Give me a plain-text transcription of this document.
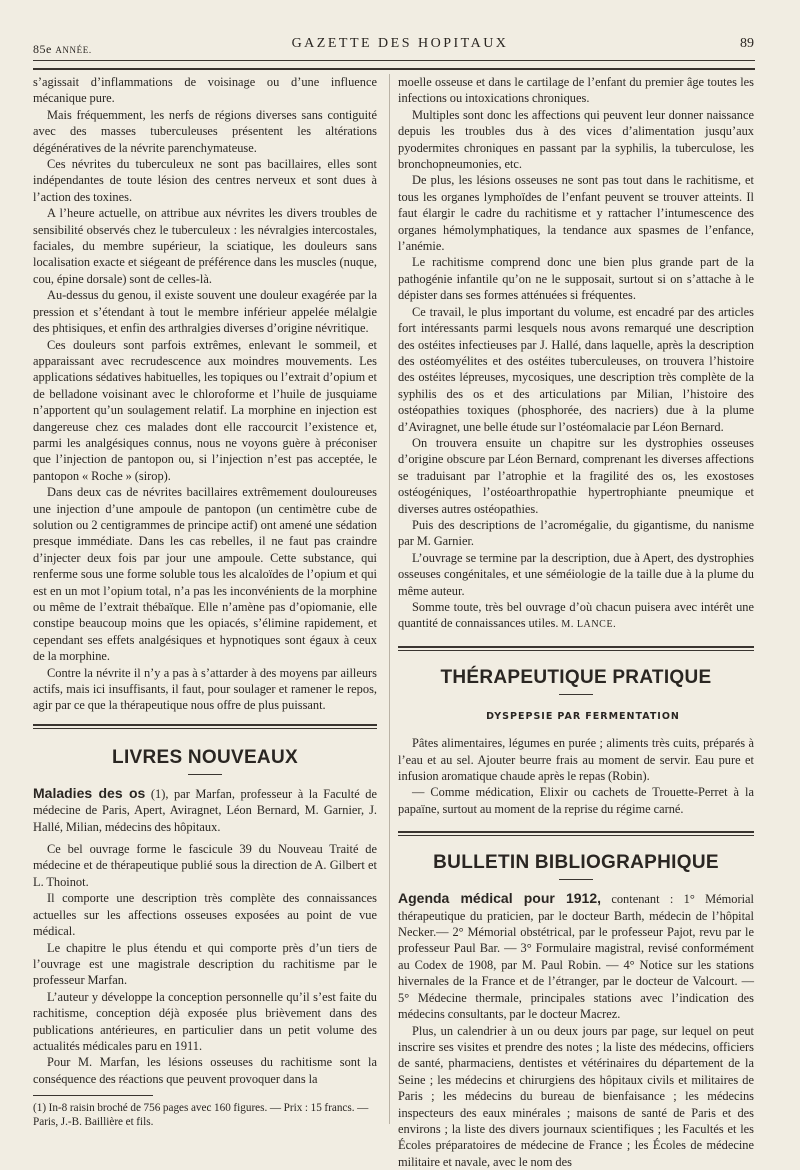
85e ANNÉE.	GAZETTE DES HOPITAUX	89

s’agissait d’inflammations de voisinage ou d’une influence mécanique pure.

Mais fréquemment, les nerfs de régions diverses sans contiguité avec des masses tuberculeuses présentent les altérations dégénératives de la névrite parenchymateuse.

Ces névrites du tuberculeux ne sont pas bacillaires, elles sont indépendantes de toute lésion des centres nerveux et sont dues à l’action des toxines.

A l’heure actuelle, on attribue aux névrites les divers troubles de sensibilité observés chez le tuberculeux : les névralgies intercostales, faciales, du membre supérieur, la sciatique, les douleurs sans localisation exacte et siégeant de préférence dans les muscles (nuque, cou, épine dorsale) sont de celles-là.

Au-dessus du genou, il existe souvent une douleur exagérée par la pression et s’étendant à tout le membre inférieur appelée mélalgie des phtisiques, et enfin des arthralgies diverses d’origine névritique.

Ces douleurs sont parfois extrêmes, enlevant le sommeil, et apparaissant avec recrudescence aux moindres mouvements. Les applications sédatives habituelles, les topiques ou l’extrait d’opium et de belladone voisinant avec le chloroforme et l’huile de jusquiame n’apportent qu’un soulagement relatif. La morphine en injection est dangereuse chez ces malades dont elle raccourcit l’existence et, parmi les analgésiques connus, nous ne voyons guère à préconiser que l’injection de pantopon ou, si l’injection n’est pas acceptée, le pantopon « Roche » (sirop).

Dans deux cas de névrites bacillaires extrêmement douloureuses une injection d’une ampoule de pantopon (un centimètre cube de solution ou 2 centigrammes de principe actif) ont amené une sédation presque immédiate. Dans les cas rebelles, il ne faut pas craindre d’injecter deux fois par jour une ampoule. Cette substance, qui renferme sous une forme soluble tous les alcaloïdes de l’opium et qui est en un mot l’opium total, n’a pas les inconvénients de la morphine ou même de l’extrait thébaïque. Elle n’amène pas d’opiomanie, elle constipe beaucoup moins que les opiacés, s’élimine rapidement, et cependant ses effets analgésiques et hypnotiques sont égaux à ceux de la morphine.

Contre la névrite il n’y a pas à s’attarder à des moyens par ailleurs actifs, mais ici insuffisants, il faut, pour soulager et ramener le repos, agir par ce que la thérapeutique nous offre de plus puissant.

LIVRES NOUVEAUX

Maladies des os (1), par Marfan, professeur à la Faculté de médecine de Paris, Apert, Aviragnet, Léon Bernard, M. Garnier, J. Hallé, Milian, médecins des hôpitaux.

Ce bel ouvrage forme le fascicule 39 du Nouveau Traité de médecine et de thérapeutique publié sous la direction de A. Gilbert et L. Thoinot.

Il comporte une description très complète des connaissances actuelles sur les affections osseuses exposées au point de vue médical.

Le chapitre le plus étendu et qui comporte près d’un tiers de l’ouvrage est une magistrale description du rachitisme par le professeur Marfan.

L’auteur y développe la conception personnelle qu’il s’est faite du rachitisme, conception déjà exposée plus brièvement dans des publications antérieures, en particulier dans un petit volume des actualités médicales paru en 1911.

Pour M. Marfan, les lésions osseuses du rachitisme sont la conséquence des réactions que peuvent provoquer dans la

(1) In-8 raisin broché de 756 pages avec 160 figures. — Prix : 15 francs. — Paris, J.-B. Baillière et fils.

moelle osseuse et dans le cartilage de l’enfant du premier âge toutes les infections ou intoxications chroniques.

Multiples sont donc les affections qui peuvent leur donner naissance depuis les troubles dus à des vices d’alimentation jusqu’aux pyodermites chroniques en passant par la syphilis, la tuberculose, les bronchopneumonies, etc.

De plus, les lésions osseuses ne sont pas tout dans le rachitisme, et tous les organes lymphoïdes de l’enfant peuvent se trouver atteints. Il faut élargir le cadre du rachitisme et y rattacher l’intumescence des organes hémolymphatiques, la tendance aux spasmes de l’enfance, l’anémie.

Le rachitisme comprend donc une bien plus grande part de la pathogénie infantile qu’on ne le supposait, surtout si on s’attache à le dépister dans ses formes atténuées si fréquentes.

Ce travail, le plus important du volume, est encadré par des articles fort intéressants parmi lesquels nous avons remarqué une description des ostéites infectieuses par J. Hallé, dans laquelle, après la description des ostéomyélites et des ostéites tuberculeuses, on trouvera l’histoire des ostéites lépreuses, mycosiques, une description très complète de la syphilis des os et des articulations par Milian, l’histoire des ostéopathies toxiques (phosphorée, des nacriers) due à la plume d’Aviragnet, une belle étude sur l’ostéomalacie par Léon Bernard.

On trouvera ensuite un chapitre sur les dystrophies osseuses d’origine obscure par Léon Bernard, comprenant les diverses affections se traduisant par l’atrophie et la fragilité des os, les exostoses ostéogéniques, l’ostéoarthropathie hypertrophiante pneumique et diverses autres ostéopathies.

Puis des descriptions de l’acromégalie, du gigantisme, du nanisme par M. Garnier.

L’ouvrage se termine par la description, due à Apert, des dystrophies osseuses congénitales, et une séméiologie de la taille due à la plume du même auteur.

Somme toute, très bel ouvrage d’où chacun puisera avec intérêt une quantité de connaissances utiles. M. LANCE.

THÉRAPEUTIQUE PRATIQUE

DYSPEPSIE PAR FERMENTATION

Pâtes alimentaires, légumes en purée ; aliments très cuits, préparés à l’eau et au sel. Ajouter beurre frais au moment de servir. Eau pure et infusion aromatique chaude après le repas (Robin).

— Comme médication, Elixir ou cachets de Trouette-Perret à la papaïne, surtout au moment de la reprise du régime carné.

BULLETIN BIBLIOGRAPHIQUE

Agenda médical pour 1912, contenant : 1° Mémorial thérapeutique du praticien, par le docteur Barth, médecin de l’hôpital Necker.— 2° Mémorial obstétrical, par le professeur Pajot, revu par le professeur Paul Bar. — 3° Formulaire magistral, revisé conformément au Codex de 1908, par M. Paul Robin. — 4° Notice sur les stations hivernales de la France et de l’étranger, par le docteur de Valcourt. — 5° Médecine thermale, principales stations avec l’indication des médecins consultants, par le docteur Macrez.

Plus, un calendrier à un ou deux jours par page, sur lequel on peut inscrire ses visites et prendre des notes ; la liste des médecins, officiers de santé, pharmaciens, dentistes et vétérinaires du département de la Seine ; les médecins et chirurgiens des hôpitaux civils et militaires de Paris ; les médecins du bureau de bienfaisance ; les médecins inspecteurs des eaux minérales ; maisons de santé de Paris et des environs ; la liste des divers journaux scientifiques ; les Facultés et les Écoles préparatoires de médecine de France ; les Écoles de médecine militaire et navale, avec le nom des
